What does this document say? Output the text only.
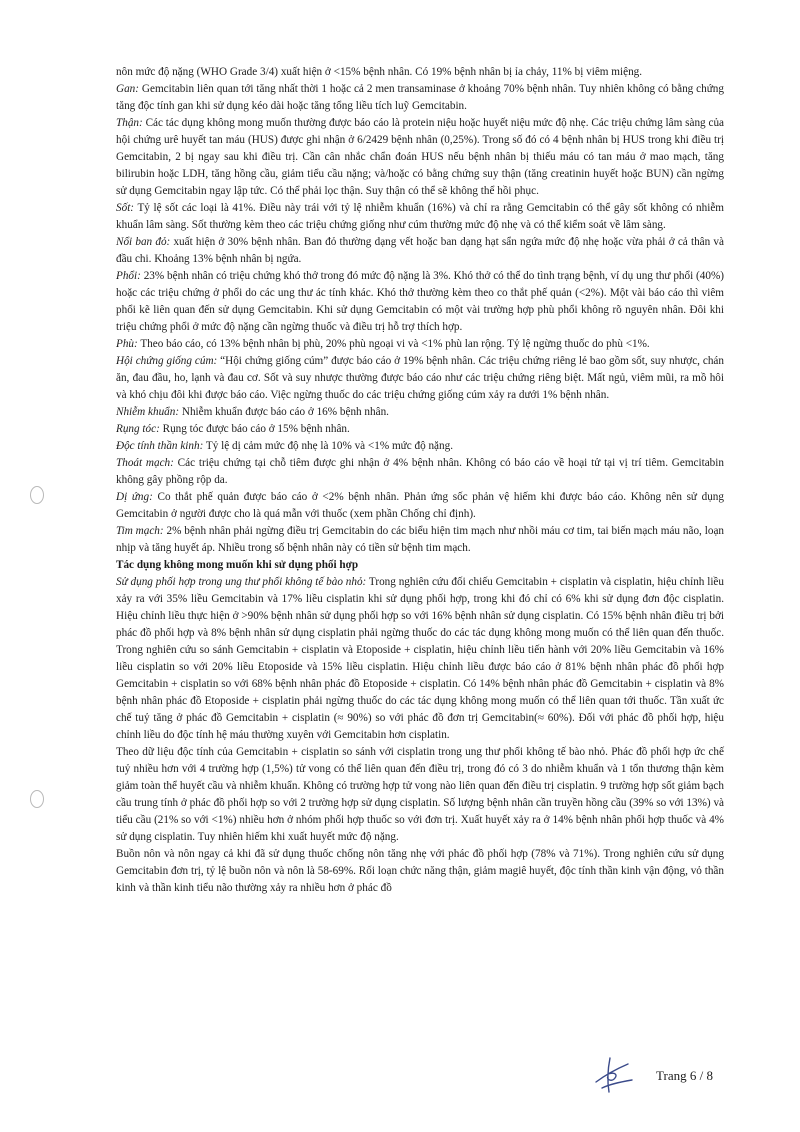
nôn mức độ nặng (WHO Grade 3/4) xuất hiện ở <15% bệnh nhân. Có 19% bệnh nhân bị ỉa chảy, 11% bị viêm miệng.

Gan: Gemcitabin liên quan tới tăng nhất thời 1 hoặc cả 2 men transaminase ở khoảng 70% bệnh nhân. Tuy nhiên không có bằng chứng tăng độc tính gan khi sử dụng kéo dài hoặc tăng tổng liều tích luỹ Gemcitabin.

Thận: Các tác dụng không mong muốn thường được báo cáo là protein niệu hoặc huyết niệu mức độ nhẹ. Các triệu chứng lâm sàng của hội chứng urê huyết tan máu (HUS) được ghi nhận ở 6/2429 bệnh nhân (0,25%). Trong số đó có 4 bệnh nhân bị HUS trong khi điều trị Gemcitabin, 2 bị ngay sau khi điều trị. Cần cân nhắc chẩn đoán HUS nếu bệnh nhân bị thiếu máu có tan máu ở mao mạch, tăng bilirubin hoặc LDH, tăng hồng cầu, giảm tiểu cầu nặng; và/hoặc có bằng chứng suy thận (tăng creatinin huyết hoặc BUN) cần ngừng sử dụng Gemcitabin ngay lập tức. Có thể phải lọc thận. Suy thận có thể sẽ không thể hồi phục.

Sốt: Tỷ lệ sốt các loại là 41%. Điều này trái với tỷ lệ nhiễm khuẩn (16%) và chỉ ra rằng Gemcitabin có thể gây sốt không có nhiễm khuẩn lâm sàng. Sốt thường kèm theo các triệu chứng giống như cúm thường mức độ nhẹ và có thể kiểm soát về lâm sàng.

Nổi ban đỏ: xuất hiện ở 30% bệnh nhân. Ban đỏ thường dạng vết hoặc ban dạng hạt sẩn ngứa mức độ nhẹ hoặc vừa phải ở cả thân và đầu chi. Khoảng 13% bệnh nhân bị ngứa.

Phổi: 23% bệnh nhân có triệu chứng khó thở trong đó mức độ nặng là 3%. Khó thở có thể do tình trạng bệnh, ví dụ ung thư phổi (40%) hoặc các triệu chứng ở phổi do các ung thư ác tính khác. Khó thở thường kèm theo co thắt phế quản (<2%). Một vài báo cáo thì viêm phổi kẽ liên quan đến sử dụng Gemcitabin. Khi sử dụng Gemcitabin có một vài trường hợp phù phổi không rõ nguyên nhân. Đôi khi triệu chứng phổi ở mức độ nặng cần ngừng thuốc và điều trị hỗ trợ thích hợp.

Phù: Theo báo cáo, có 13% bệnh nhân bị phù, 20% phù ngoại vi và <1% phù lan rộng. Tỷ lệ ngừng thuốc do phù <1%.

Hội chứng giống cúm: “Hội chứng giống cúm” được báo cáo ở 19% bệnh nhân. Các triệu chứng riêng lẻ bao gồm sốt, suy nhược, chán ăn, đau đầu, ho, lạnh và đau cơ. Sốt và suy nhược thường được báo cáo như các triệu chứng riêng biệt. Mất ngủ, viêm mũi, ra mồ hôi và khó chịu đôi khi được báo cáo. Việc ngừng thuốc do các triệu chứng giống cúm xảy ra dưới 1% bệnh nhân.

Nhiễm khuẩn: Nhiễm khuẩn được báo cáo ở 16% bệnh nhân.

Rụng tóc: Rụng tóc được báo cáo ở 15% bệnh nhân.

Độc tính thần kinh: Tỷ lệ dị cảm mức độ nhẹ là 10% và <1% mức độ nặng.

Thoát mạch: Các triệu chứng tại chỗ tiêm được ghi nhận ở 4% bệnh nhân. Không có báo cáo về hoại tử tại vị trí tiêm. Gemcitabin không gây phồng rộp da.

Dị ứng: Co thắt phế quản được báo cáo ở <2% bệnh nhân. Phản ứng sốc phản vệ hiếm khi được báo cáo. Không nên sử dụng Gemcitabin ở người được cho là quá mẫn với thuốc (xem phần Chống chỉ định).

Tim mạch: 2% bệnh nhân phải ngừng điều trị Gemcitabin do các biểu hiện tim mạch như nhồi máu cơ tim, tai biến mạch máu não, loạn nhịp và tăng huyết áp. Nhiều trong số bệnh nhân này có tiền sử bệnh tim mạch.

Tác dụng không mong muốn khi sử dụng phối hợp

Sử dụng phối hợp trong ung thư phổi không tế bào nhỏ: Trong nghiên cứu đối chiếu Gemcitabin + cisplatin và cisplatin, hiệu chỉnh liều xảy ra với 35% liều Gemcitabin và 17% liều cisplatin khi sử dụng phối hợp, trong khi đó chỉ có 6% khi sử dụng đơn độc cisplatin. Hiệu chỉnh liều thực hiện ở >90% bệnh nhân sử dụng phối hợp so với 16% bệnh nhân sử dụng cisplatin. Có 15% bệnh nhân điều trị bởi phác đồ phối hợp và 8% bệnh nhân sử dụng cisplatin phải ngừng thuốc do các tác dụng không mong muốn có thể liên quan đến thuốc. Trong nghiên cứu so sánh Gemcitabin + cisplatin và Etoposide + cisplatin, hiệu chỉnh liều tiến hành với 20% liều Gemcitabin và 16% liều cisplatin so với 20% liều Etoposide và 15% liều cisplatin. Hiệu chỉnh liều được báo cáo ở 81% bệnh nhân phác đồ phối hợp Gemcitabin + cisplatin so với 68% bệnh nhân phác đồ Etoposide + cisplatin. Có 14% bệnh nhân phác đồ Gemcitabin + cisplatin và 8% bệnh nhân phác đồ Etoposide + cisplatin phải ngừng thuốc do các tác dụng không mong muốn có thể liên quan tới thuốc. Tần xuất ức chế tuỷ tăng ở phác đồ Gemcitabin + cisplatin (≈ 90%) so với phác đồ đơn trị Gemcitabin(≈ 60%). Đối với phác đồ phối hợp, hiệu chỉnh liều do độc tính hệ máu thường xuyên với Gemcitabin hơn cisplatin.

Theo dữ liệu độc tính của Gemcitabin + cisplatin so sánh với cisplatin trong ung thư phổi không tế bào nhỏ. Phác đồ phối hợp ức chế tuỷ nhiều hơn với 4 trường hợp (1,5%) tử vong có thể liên quan đến điều trị, trong đó có 3 do nhiễm khuẩn và 1 tổn thương thận kèm giảm toàn thể huyết cầu và nhiễm khuẩn. Không có trường hợp tử vong nào liên quan đến điều trị cisplatin. 9 trường hợp sốt giảm bạch cầu trung tính ở phác đồ phối hợp so với 2 trường hợp sử dụng cisplatin. Số lượng bệnh nhân cần truyền hồng cầu (39% so với 13%) và tiểu cầu (21% so với <1%) nhiều hơn ở nhóm phối hợp thuốc so với đơn trị. Xuất huyết xảy ra ở 14% bệnh nhân phối hợp thuốc và 4% sử dụng cisplatin. Tuy nhiên hiếm khi xuất huyết mức độ nặng.

Buồn nôn và nôn ngay cả khi đã sử dụng thuốc chống nôn tăng nhẹ với phác đồ phối hợp (78% và 71%). Trong nghiên cứu sử dụng Gemcitabin đơn trị, tỷ lệ buồn nôn và nôn là 58-69%. Rối loạn chức năng thận, giảm magiê huyết, độc tính thần kinh vận động, vỏ thần kinh và thần kinh tiểu não thường xảy ra nhiều hơn ở phác đồ

Trang 6 / 8
